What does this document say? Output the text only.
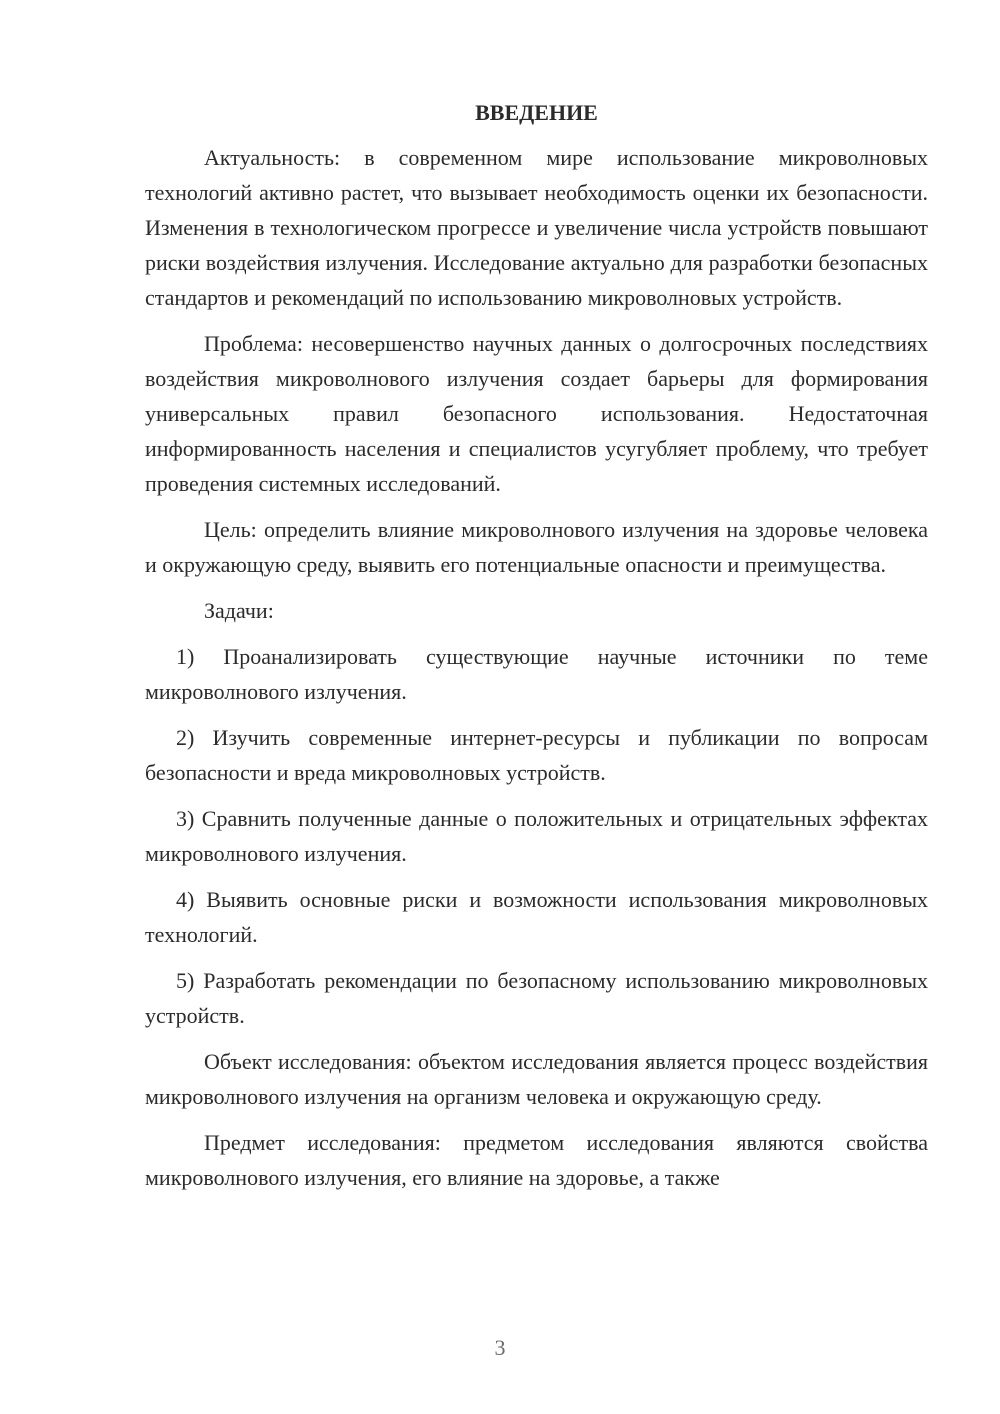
ВВЕДЕНИЕ

Актуальность: в современном мире использование микроволновых технологий активно растет, что вызывает необходимость оценки их безопасности. Изменения в технологическом прогрессе и увеличение числа устройств повышают риски воздействия излучения. Исследование актуально для разработки безопасных стандартов и рекомендаций по использованию микроволновых устройств.

Проблема: несовершенство научных данных о долгосрочных последствиях воздействия микроволнового излучения создает барьеры для формирования универсальных правил безопасного использования. Недостаточная информированность населения и специалистов усугубляет проблему, что требует проведения системных исследований.

Цель: определить влияние микроволнового излучения на здоровье человека и окружающую среду, выявить его потенциальные опасности и преимущества.

Задачи:

1) Проанализировать существующие научные источники по теме микроволнового излучения.

2) Изучить современные интернет-ресурсы и публикации по вопросам безопасности и вреда микроволновых устройств.

3) Сравнить полученные данные о положительных и отрицательных эффектах микроволнового излучения.

4) Выявить основные риски и возможности использования микроволновых технологий.

5) Разработать рекомендации по безопасному использованию микроволновых устройств.

Объект исследования: объектом исследования является процесс воздействия микроволнового излучения на организм человека и окружающую среду.

Предмет исследования: предметом исследования являются свойства микроволнового излучения, его влияние на здоровье, а также

3
